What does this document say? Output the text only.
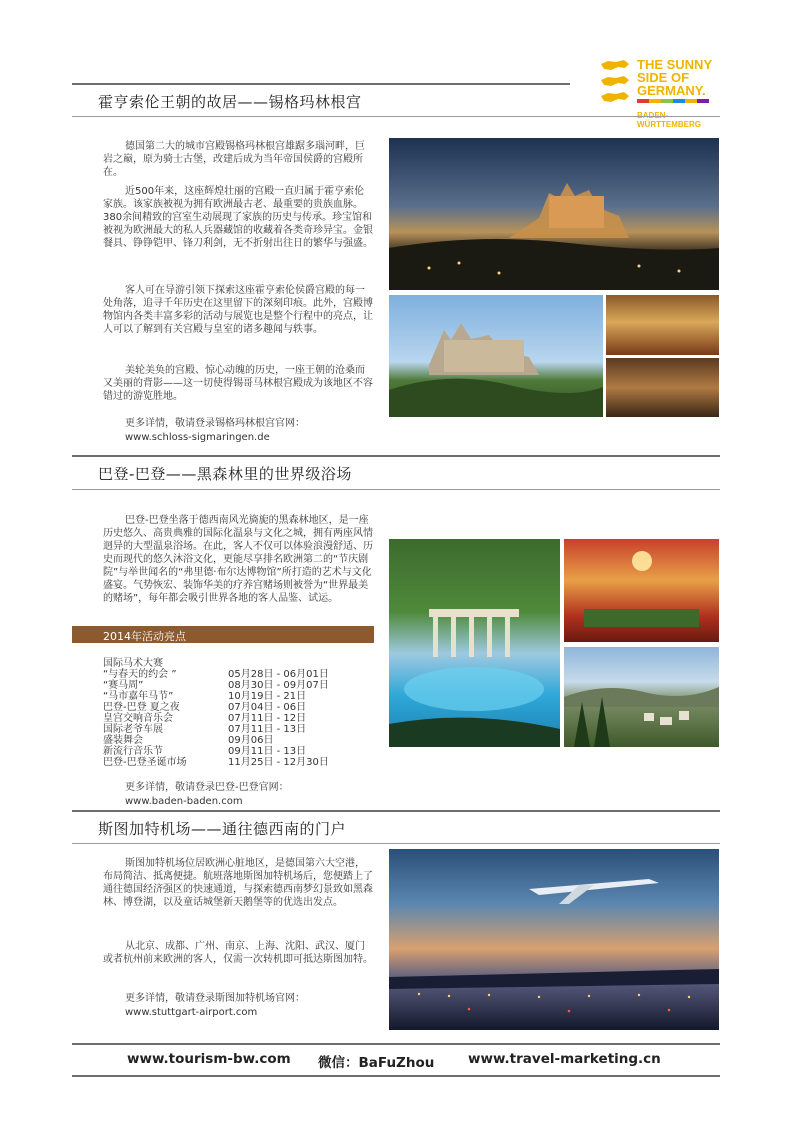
THE SUNNY
SIDE OF
GERMANY.
WÜRTTEMBERG
霍亨索伦王朝的故居——锡格玛林根宫

德国第二大的城市宫殿锡格玛林根宫雄踞多瑙河畔，巨岩之巅，原为骑士古堡，改建后成为当年帝国侯爵的宫殿所在。

近500年来，这座辉煌壮丽的宫殿一直归属于霍亨索伦家族。该家族被视为拥有欧洲最古老、最重要的贵族血脉。380余间精致的宫室生动展现了家族的历史与传承。珍宝馆和被视为欧洲最大的私人兵器藏馆的收藏着各类奇珍异宝。金银餐具、铮铮铠甲、锋刀利剑，无不折射出往日的繁华与强盛。

客人可在导游引领下探索这座霍亨索伦侯爵宫殿的每一处角落，追寻千年历史在这里留下的深刻印痕。此外，宫殿博物馆内各类丰富多彩的活动与展览也是整个行程中的亮点，让人可以了解到有关宫殿与皇室的诸多趣闻与轶事。

美轮美奂的宫殿、惊心动魄的历史，一座王朝的沧桑而又美丽的背影——这一切使得锡哥马林根宫殿成为该地区不容错过的游览胜地。

更多详情，敬请登录锡格玛林根宫官网：
www.schloss-sigmaringen.de
巴登-巴登——黑森林里的世界级浴场

巴登-巴登坐落于德西南风光旖旎的黑森林地区，是一座历史悠久、高贵典雅的国际化温泉与文化之城，拥有两座风情迥异的大型温泉浴场。在此，客人不仅可以体验浪漫舒适、历史而现代的悠久沐浴文化，更能尽享排名欧洲第二的“节庆剧院”与举世闻名的“弗里德·布尔达博物馆”所打造的艺术与文化盛宴。气势恢宏、装饰华美的疗养宫赌场则被誉为“世界最美的赌场”，每年都会吸引世界各地的客人品鉴、试运。

2014年活动亮点
国际马术大赛
“与春天的约会 ”	05月28日 - 06月01日
“赛马周”	08月30日 - 09月07日
“马市嘉年马节”	10月19日 - 21日
巴登-巴登 夏之夜	07月04日 - 06日
皇宫交响音乐会	07月11日 - 12日
国际老爷车展	07月11日 - 13日
盛装舞会	09月06日
新流行音乐节	09月11日 - 13日
巴登-巴登圣诞市场	11月25日 - 12月30日
更多详情，敬请登录巴登-巴登官网：
www.baden-baden.com
斯图加特机场——通往德西南的门户

斯图加特机场位居欧洲心脏地区，是德国第六大空港，布局简洁、抵离便捷。航班落地斯图加特机场后，您便踏上了通往德国经济强区的快速通道，与探索德西南梦幻景致如黑森林、博登湖，以及童话城堡新天鹅堡等的优选出发点。

从北京、成都、广州、南京、上海、沈阳、武汉、厦门或者杭州前来欧洲的客人，仅需一次转机即可抵达斯图加特。

更多详情，敬请登录斯图加特机场官网：
www.stuttgart-airport.com
www.tourism-bw.com 微信：BaFuZhou www.travel-marketing.cn
